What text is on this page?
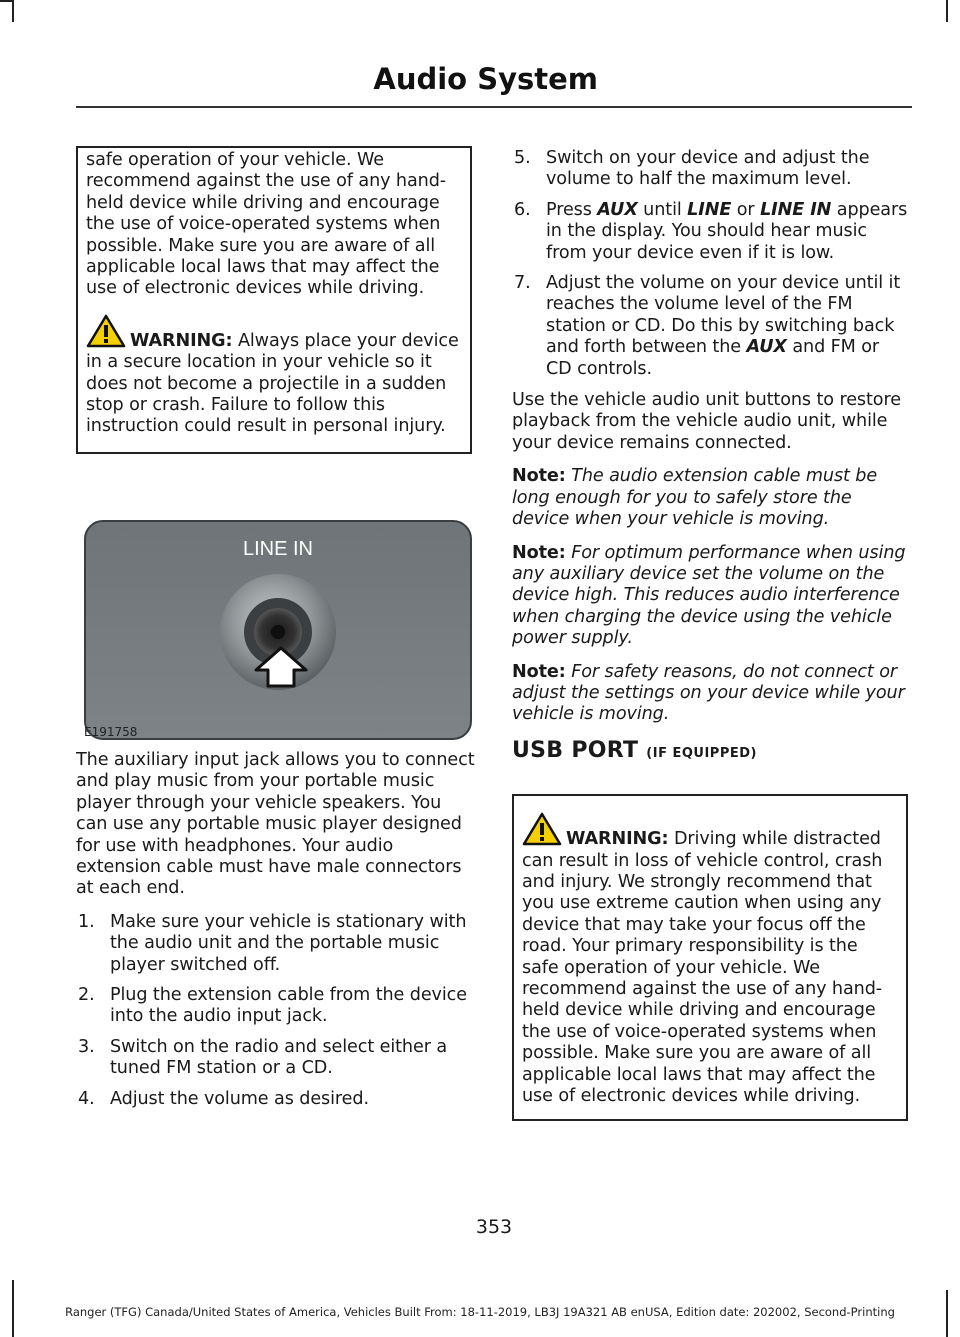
Audio System

safe operation of your vehicle. We recommend against the use of any hand-held device while driving and encourage the use of voice-operated systems when possible. Make sure you are aware of all applicable local laws that may affect the use of electronic devices while driving.

WARNING: Always place your device in a secure location in your vehicle so it does not become a projectile in a sudden stop or crash. Failure to follow this instruction could result in personal injury.

LINE IN
E191758

The auxiliary input jack allows you to connect and play music from your portable music player through your vehicle speakers. You can use any portable music player designed for use with headphones. Your audio extension cable must have male connectors at each end.

1. Make sure your vehicle is stationary with the audio unit and the portable music player switched off.
2. Plug the extension cable from the device into the audio input jack.
3. Switch on the radio and select either a tuned FM station or a CD.
4. Adjust the volume as desired.
5. Switch on your device and adjust the volume to half the maximum level.
6. Press AUX until LINE or LINE IN appears in the display. You should hear music from your device even if it is low.
7. Adjust the volume on your device until it reaches the volume level of the FM station or CD. Do this by switching back and forth between the AUX and FM or CD controls.

Use the vehicle audio unit buttons to restore playback from the vehicle audio unit, while your device remains connected.

Note: The audio extension cable must be long enough for you to safely store the device when your vehicle is moving.

Note: For optimum performance when using any auxiliary device set the volume on the device high. This reduces audio interference when charging the device using the vehicle power supply.

Note: For safety reasons, do not connect or adjust the settings on your device while your vehicle is moving.

USB PORT (IF EQUIPPED)

WARNING: Driving while distracted can result in loss of vehicle control, crash and injury. We strongly recommend that you use extreme caution when using any device that may take your focus off the road. Your primary responsibility is the safe operation of your vehicle. We recommend against the use of any hand-held device while driving and encourage the use of voice-operated systems when possible. Make sure you are aware of all applicable local laws that may affect the use of electronic devices while driving.

353
Ranger (TFG) Canada/United States of America, Vehicles Built From: 18-11-2019, LB3J 19A321 AB enUSA, Edition date: 202002, Second-Printing
